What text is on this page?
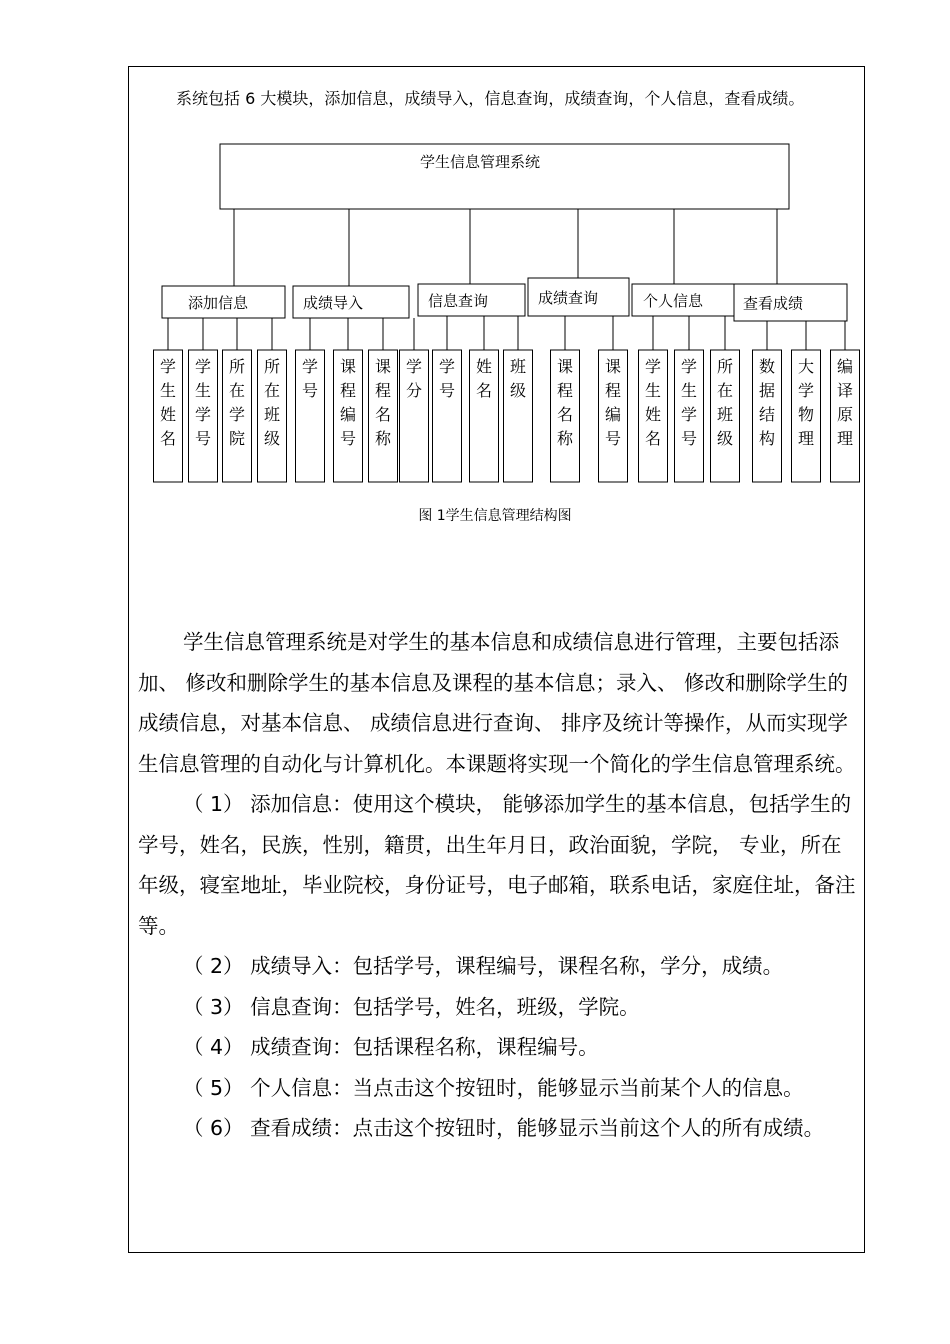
系统包括 6 大模块，添加信息，成绩导入，信息查询，成绩查询，个人信息，查看成绩。

学生信息管理系统
添加信息
学
生
姓
名
学
生
学
号
所
在
学
院
所
在
班
级
成绩导入
学
号
课
程
编
号
课
程
名
称
学
分
信息查询
学
号
姓
名
班
级
成绩查询
课
程
名
称
课
程
编
号
个人信息
学
生
姓
名
学
生
学
号
所
在
班
级
查看成绩
数
据
结
构
大
学
物
理
编
译
原
理

图 1学生信息管理结构图

学生信息管理系统是对学生的基本信息和成绩信息进行管理，主要包括添加、 修改和删除学生的基本信息及课程的基本信息；录入、 修改和删除学生的成绩信息，对基本信息、 成绩信息进行查询、 排序及统计等操作，从而实现学生信息管理的自动化与计算机化。本课题将实现一个简化的学生信息管理系统。

（ 1） 添加信息：使用这个模块， 能够添加学生的基本信息，包括学生的学号，姓名，民族，性别，籍贯，出生年月日，政治面貌，学院， 专业，所在年级，寝室地址，毕业院校，身份证号，电子邮箱，联系电话，家庭住址，备注等。

（ 2） 成绩导入：包括学号，课程编号，课程名称，学分，成绩。

（ 3） 信息查询：包括学号，姓名，班级，学院。

（ 4） 成绩查询：包括课程名称，课程编号。

（ 5） 个人信息：当点击这个按钮时，能够显示当前某个人的信息。

（ 6） 查看成绩：点击这个按钮时，能够显示当前这个人的所有成绩。
